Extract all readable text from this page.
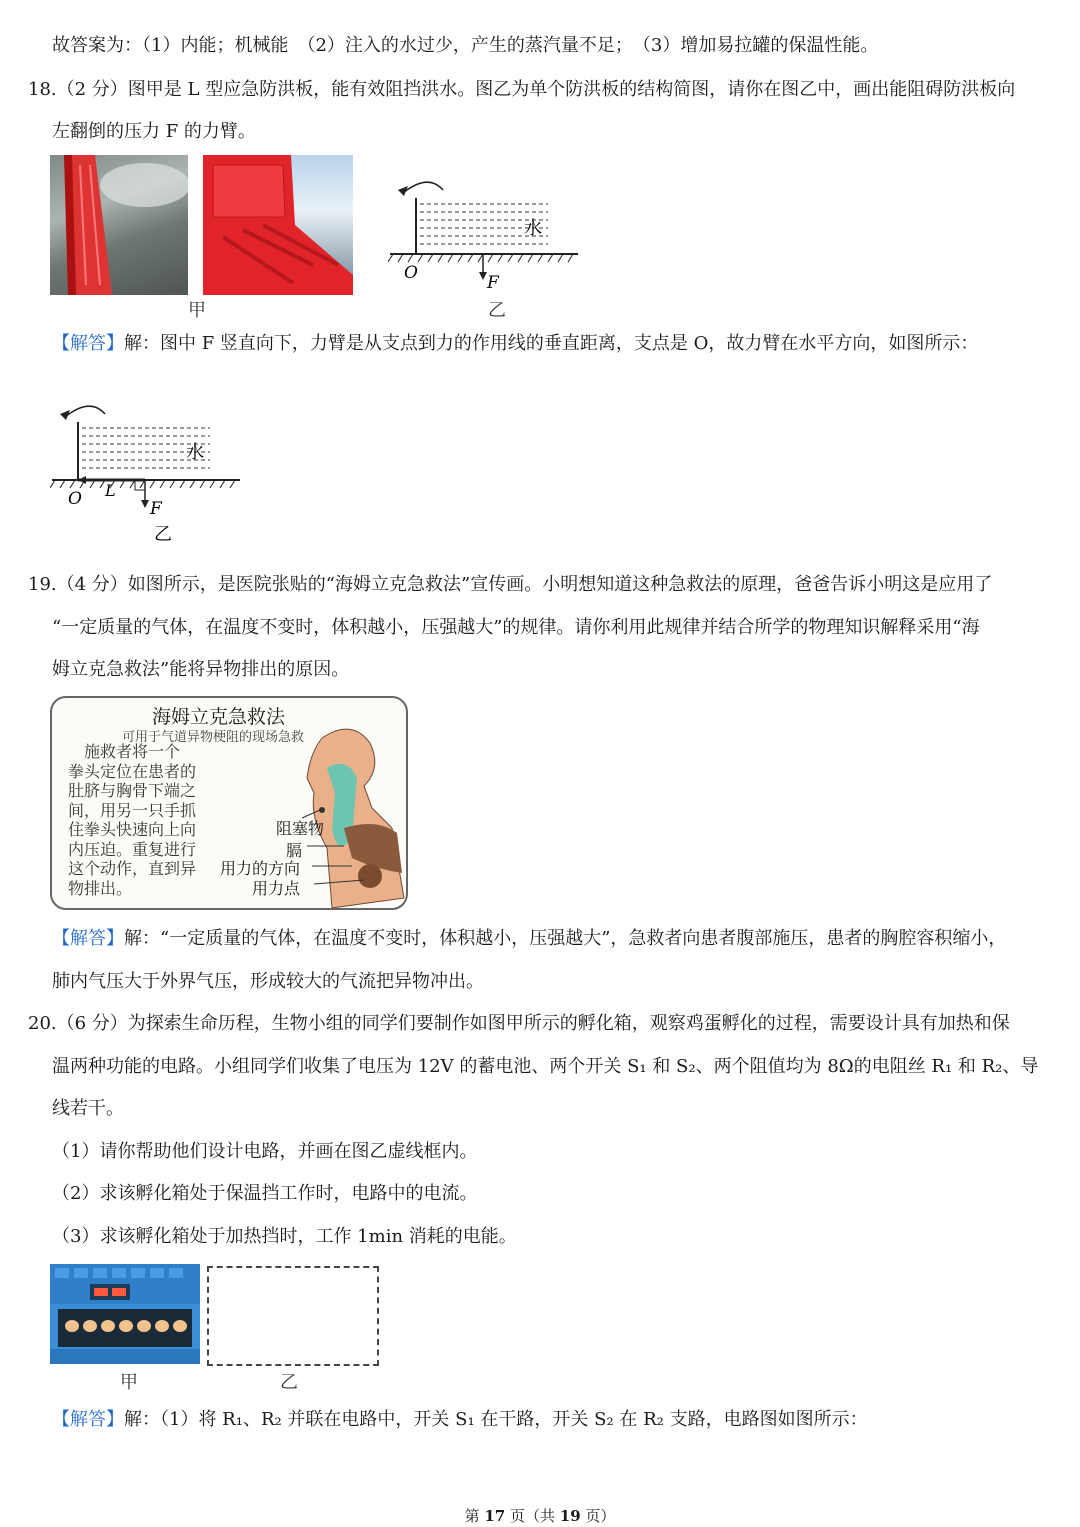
故答案为：（1）内能；机械能　（2）注入的水过少，产生的蒸汽量不足；　（3）增加易拉罐的保温性能。
18.（2 分）图甲是 L 型应急防洪板，能有效阻挡洪水。图乙为单个防洪板的结构简图，请你在图乙中，画出能阻碍防洪板向
左翻倒的压力 F 的力臂。
甲
水
O	F
乙
【解答】解：图中 F 竖直向下，力臂是从支点到力的作用线的垂直距离，支点是 O，故力臂在水平方向，如图所示：
水
O L
F
乙
19.（4 分）如图所示，是医院张贴的“海姆立克急救法”宣传画。小明想知道这种急救法的原理，爸爸告诉小明这是应用了
“一定质量的气体，在温度不变时，体积越小，压强越大”的规律。请你利用此规律并结合所学的物理知识解释采用“海
姆立克急救法”能将异物排出的原因。
海姆立克急救法
可用于气道异物梗阻的现场急救
施救者将一个
拳头定位在患者的
肚脐与胸骨下端之
间，用另一只手抓
住拳头快速向上向
内压迫。重复进行
这个动作，直到异
物排出。
阻塞物
膈
用力的方向
用力点
【解答】解：“一定质量的气体，在温度不变时，体积越小，压强越大”，急救者向患者腹部施压，患者的胸腔容积缩小，
肺内气压大于外界气压，形成较大的气流把异物冲出。
20.（6 分）为探索生命历程，生物小组的同学们要制作如图甲所示的孵化箱，观察鸡蛋孵化的过程，需要设计具有加热和保
温两种功能的电路。小组同学们收集了电压为 12V 的蓄电池、两个开关 S₁ 和 S₂、两个阻值均为 8Ω的电阻丝 R₁ 和 R₂、导
线若干。
（1）请你帮助他们设计电路，并画在图乙虚线框内。
（2）求该孵化箱处于保温挡工作时，电路中的电流。
（3）求该孵化箱处于加热挡时，工作 1min 消耗的电能。
甲	乙
【解答】解：（1）将 R₁、R₂ 并联在电路中，开关 S₁ 在干路，开关 S₂ 在 R₂ 支路，电路图如图所示：
第 17 页（共 19 页）
